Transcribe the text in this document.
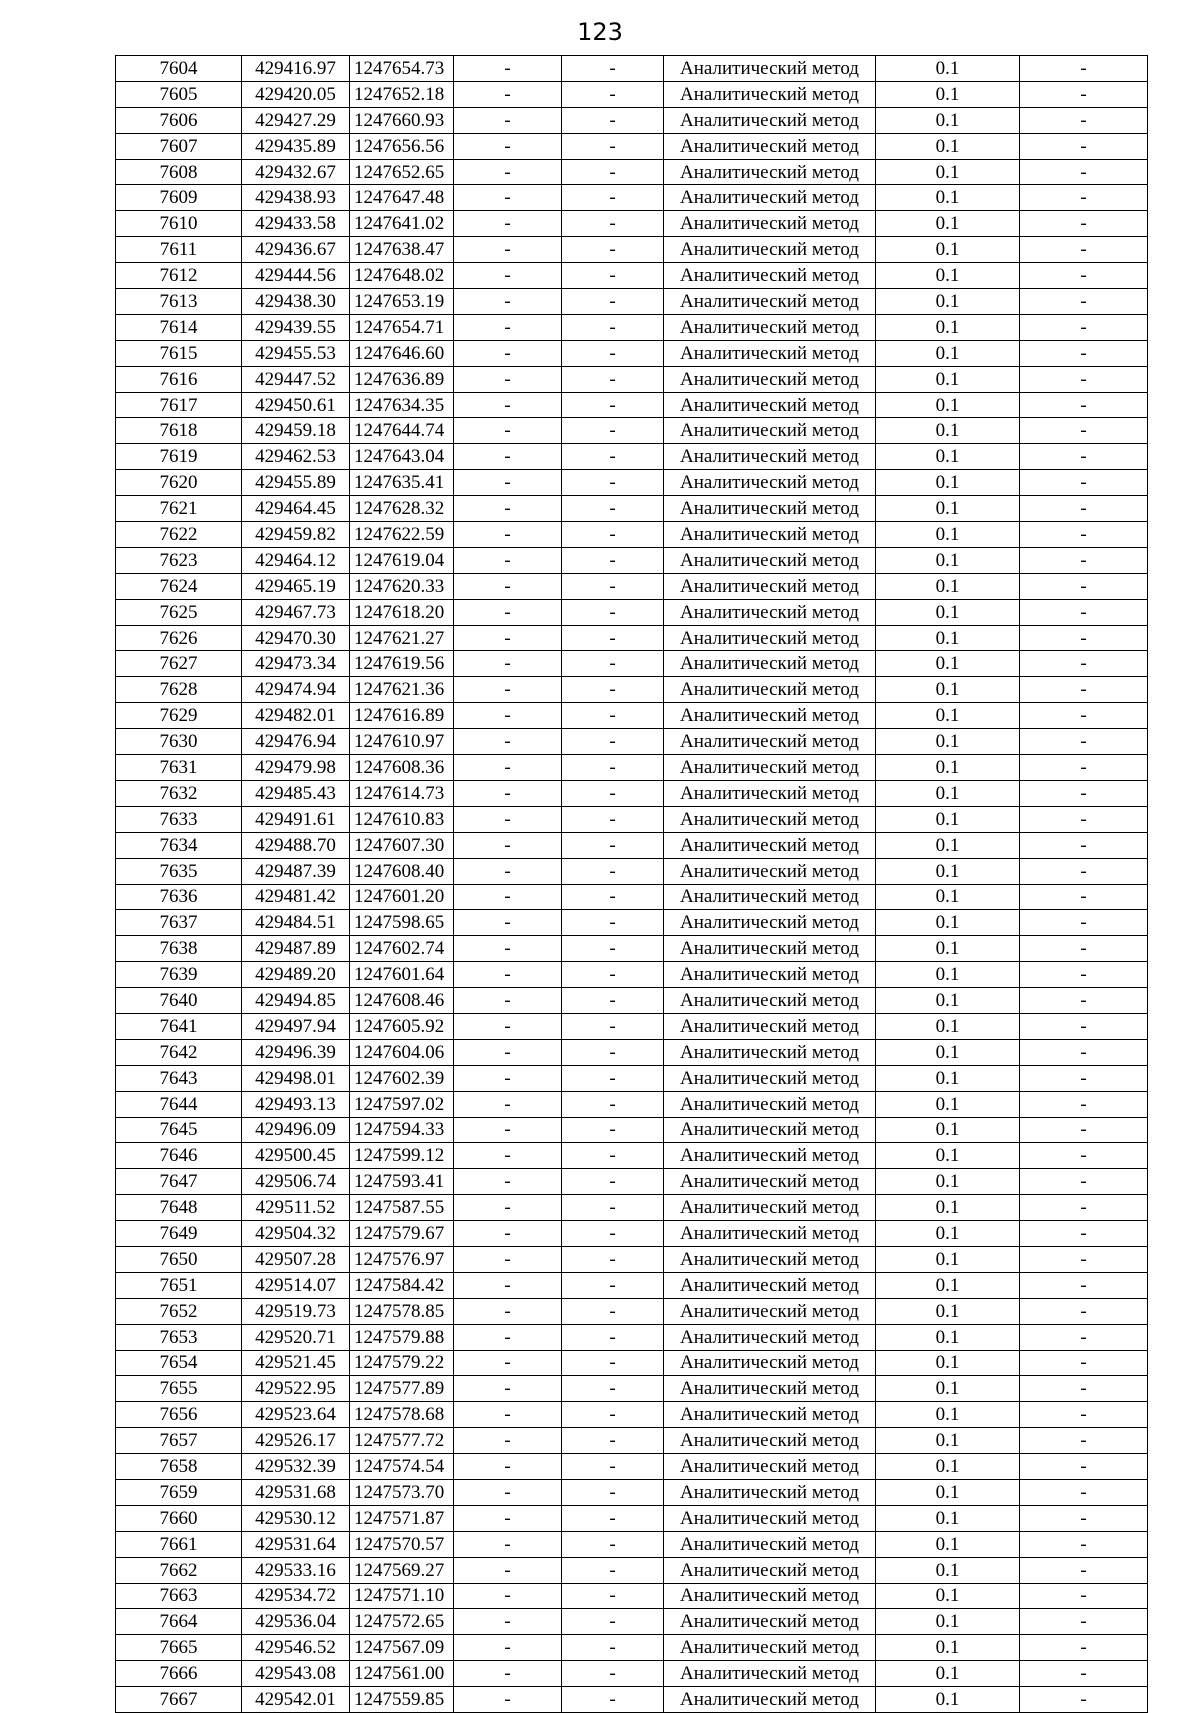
123
7604	429416.97	1247654.73	-	-	Аналитический метод	0.1	-
7605	429420.05	1247652.18	-	-	Аналитический метод	0.1	-
7606	429427.29	1247660.93	-	-	Аналитический метод	0.1	-
7607	429435.89	1247656.56	-	-	Аналитический метод	0.1	-
7608	429432.67	1247652.65	-	-	Аналитический метод	0.1	-
7609	429438.93	1247647.48	-	-	Аналитический метод	0.1	-
7610	429433.58	1247641.02	-	-	Аналитический метод	0.1	-
7611	429436.67	1247638.47	-	-	Аналитический метод	0.1	-
7612	429444.56	1247648.02	-	-	Аналитический метод	0.1	-
7613	429438.30	1247653.19	-	-	Аналитический метод	0.1	-
7614	429439.55	1247654.71	-	-	Аналитический метод	0.1	-
7615	429455.53	1247646.60	-	-	Аналитический метод	0.1	-
7616	429447.52	1247636.89	-	-	Аналитический метод	0.1	-
7617	429450.61	1247634.35	-	-	Аналитический метод	0.1	-
7618	429459.18	1247644.74	-	-	Аналитический метод	0.1	-
7619	429462.53	1247643.04	-	-	Аналитический метод	0.1	-
7620	429455.89	1247635.41	-	-	Аналитический метод	0.1	-
7621	429464.45	1247628.32	-	-	Аналитический метод	0.1	-
7622	429459.82	1247622.59	-	-	Аналитический метод	0.1	-
7623	429464.12	1247619.04	-	-	Аналитический метод	0.1	-
7624	429465.19	1247620.33	-	-	Аналитический метод	0.1	-
7625	429467.73	1247618.20	-	-	Аналитический метод	0.1	-
7626	429470.30	1247621.27	-	-	Аналитический метод	0.1	-
7627	429473.34	1247619.56	-	-	Аналитический метод	0.1	-
7628	429474.94	1247621.36	-	-	Аналитический метод	0.1	-
7629	429482.01	1247616.89	-	-	Аналитический метод	0.1	-
7630	429476.94	1247610.97	-	-	Аналитический метод	0.1	-
7631	429479.98	1247608.36	-	-	Аналитический метод	0.1	-
7632	429485.43	1247614.73	-	-	Аналитический метод	0.1	-
7633	429491.61	1247610.83	-	-	Аналитический метод	0.1	-
7634	429488.70	1247607.30	-	-	Аналитический метод	0.1	-
7635	429487.39	1247608.40	-	-	Аналитический метод	0.1	-
7636	429481.42	1247601.20	-	-	Аналитический метод	0.1	-
7637	429484.51	1247598.65	-	-	Аналитический метод	0.1	-
7638	429487.89	1247602.74	-	-	Аналитический метод	0.1	-
7639	429489.20	1247601.64	-	-	Аналитический метод	0.1	-
7640	429494.85	1247608.46	-	-	Аналитический метод	0.1	-
7641	429497.94	1247605.92	-	-	Аналитический метод	0.1	-
7642	429496.39	1247604.06	-	-	Аналитический метод	0.1	-
7643	429498.01	1247602.39	-	-	Аналитический метод	0.1	-
7644	429493.13	1247597.02	-	-	Аналитический метод	0.1	-
7645	429496.09	1247594.33	-	-	Аналитический метод	0.1	-
7646	429500.45	1247599.12	-	-	Аналитический метод	0.1	-
7647	429506.74	1247593.41	-	-	Аналитический метод	0.1	-
7648	429511.52	1247587.55	-	-	Аналитический метод	0.1	-
7649	429504.32	1247579.67	-	-	Аналитический метод	0.1	-
7650	429507.28	1247576.97	-	-	Аналитический метод	0.1	-
7651	429514.07	1247584.42	-	-	Аналитический метод	0.1	-
7652	429519.73	1247578.85	-	-	Аналитический метод	0.1	-
7653	429520.71	1247579.88	-	-	Аналитический метод	0.1	-
7654	429521.45	1247579.22	-	-	Аналитический метод	0.1	-
7655	429522.95	1247577.89	-	-	Аналитический метод	0.1	-
7656	429523.64	1247578.68	-	-	Аналитический метод	0.1	-
7657	429526.17	1247577.72	-	-	Аналитический метод	0.1	-
7658	429532.39	1247574.54	-	-	Аналитический метод	0.1	-
7659	429531.68	1247573.70	-	-	Аналитический метод	0.1	-
7660	429530.12	1247571.87	-	-	Аналитический метод	0.1	-
7661	429531.64	1247570.57	-	-	Аналитический метод	0.1	-
7662	429533.16	1247569.27	-	-	Аналитический метод	0.1	-
7663	429534.72	1247571.10	-	-	Аналитический метод	0.1	-
7664	429536.04	1247572.65	-	-	Аналитический метод	0.1	-
7665	429546.52	1247567.09	-	-	Аналитический метод	0.1	-
7666	429543.08	1247561.00	-	-	Аналитический метод	0.1	-
7667	429542.01	1247559.85	-	-	Аналитический метод	0.1	-
